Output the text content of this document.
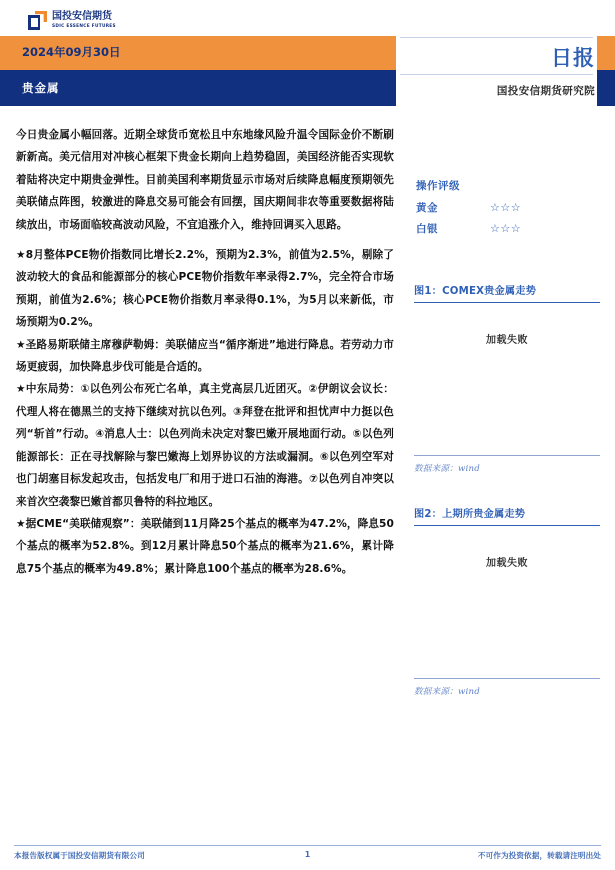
国投安信期货
SDIC ESSENCE FUTURES
2024年09月30日
贵金属
日报
国投安信期货研究院

今日贵金属小幅回落。近期全球货币宽松且中东地缘风险升温令国际金价不断刷新新高。美元信用对冲核心框架下贵金长期向上趋势稳固，美国经济能否实现软着陆将决定中期贵金弹性。目前美国利率期货显示市场对后续降息幅度预期领先美联储点阵图，较激进的降息交易可能会有回摆，国庆期间非农等重要数据将陆续放出，市场面临较高波动风险，不宜追涨介入，维持回调买入思路。

★8月整体PCE物价指数同比增长2.2%，预期为2.3%，前值为2.5%，剔除了波动较大的食品和能源部分的核心PCE物价指数年率录得2.7%，完全符合市场预期，前值为2.6%；核心PCE物价指数月率录得0.1%，为5月以来新低，市场预期为0.2%。

★圣路易斯联储主席穆萨勒姆：美联储应当“循序渐进”地进行降息。若劳动力市场更疲弱，加快降息步伐可能是合适的。

★中东局势：①以色列公布死亡名单，真主党高层几近团灭。②伊朗议会议长：代理人将在德黑兰的支持下继续对抗以色列。③拜登在批评和担忧声中力挺以色列“斩首”行动。④消息人士：以色列尚未决定对黎巴嫩开展地面行动。⑤以色列能源部长：正在寻找解除与黎巴嫩海上划界协议的方法或漏洞。⑥以色列空军对也门胡塞目标发起攻击，包括发电厂和用于进口石油的海港。⑦以色列自冲突以来首次空袭黎巴嫩首都贝鲁特的科拉地区。

★据CME“美联储观察”：美联储到11月降25个基点的概率为47.2%，降息50个基点的概率为52.8%。到12月累计降息50个基点的概率为21.6%，累计降息75个基点的概率为49.8%；累计降息100个基点的概率为28.6%。

操作评级
黄金	☆☆☆
白银	☆☆☆
图1：COMEX贵金属走势
加载失败
数据来源：wind
图2：上期所贵金属走势
加载失败
数据来源：wind
本报告版权属于国投安信期货有限公司	不可作为投资依据，转载请注明出处
1
